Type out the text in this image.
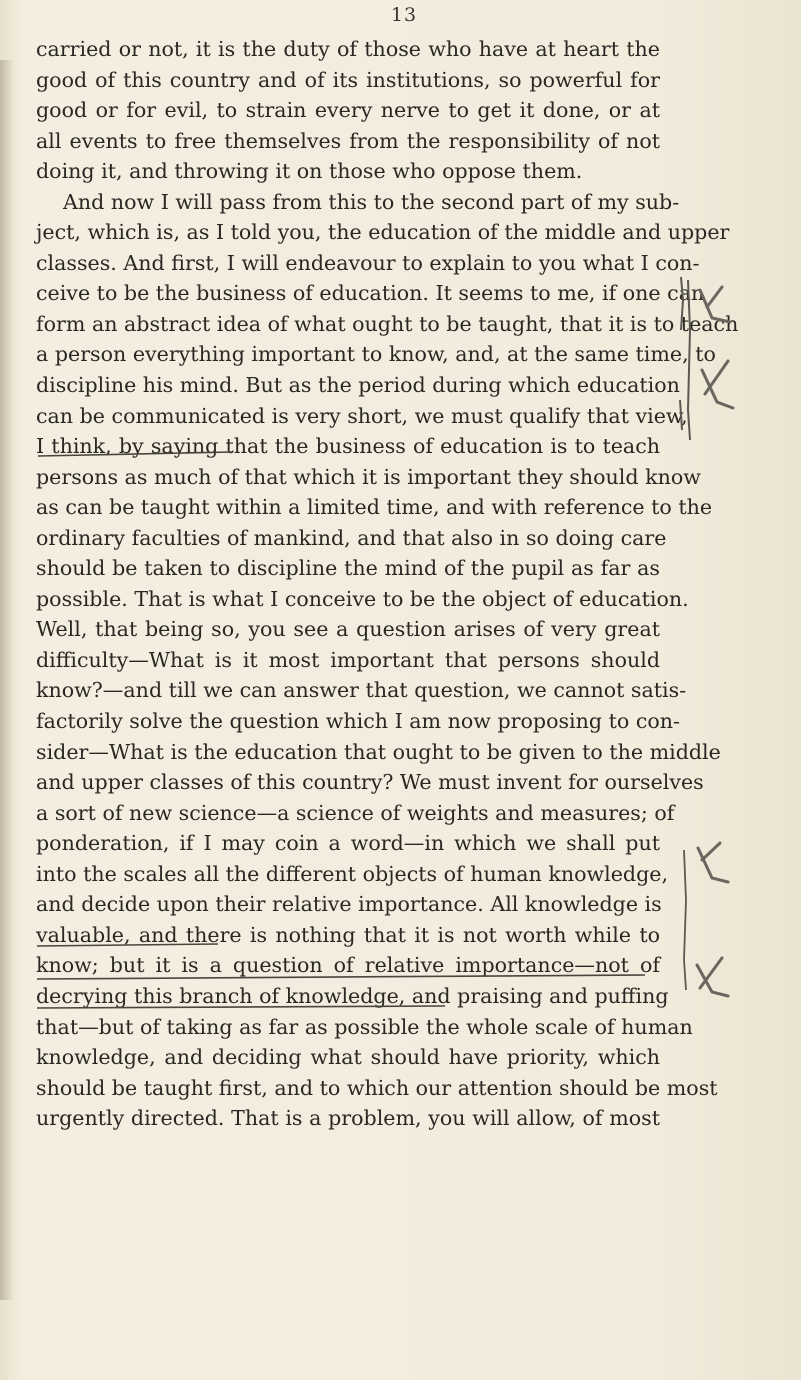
13
carried or not, it is the duty of those who have at heart the
good of this country and of its institutions, so powerful for
good or for evil, to strain every nerve to get it done, or at
all events to free themselves from the responsibility of not
doing it, and throwing it on those who oppose them.
And now I will pass from this to the second part of my sub-
ject, which is, as I told you, the education of the middle and upper
classes. And first, I will endeavour to explain to you what I con-
ceive to be the business of education. It seems to me, if one can
form an abstract idea of what ought to be taught, that it is to teach
a person everything important to know, and, at the same time, to
discipline his mind. But as the period during which education
can be communicated is very short, we must qualify that view,
I think, by saying that the business of education is to teach
persons as much of that which it is important they should know
as can be taught within a limited time, and with reference to the
ordinary faculties of mankind, and that also in so doing care
should be taken to discipline the mind of the pupil as far as
possible. That is what I conceive to be the object of education.
Well, that being so, you see a question arises of very great
difficulty—What is it most important that persons should
know?—and till we can answer that question, we cannot satis-
factorily solve the question which I am now proposing to con-
sider—What is the education that ought to be given to the middle
and upper classes of this country? We must invent for ourselves
a sort of new science—a science of weights and measures; of
ponderation, if I may coin a word—in which we shall put
into the scales all the different objects of human knowledge,
and decide upon their relative importance. All knowledge is
valuable, and there is nothing that it is not worth while to
know; but it is a question of relative importance—not of
decrying this branch of knowledge, and praising and puffing
that—but of taking as far as possible the whole scale of human
knowledge, and deciding what should have priority, which
should be taught first, and to which our attention should be most
urgently directed. That is a problem, you will allow, of most
